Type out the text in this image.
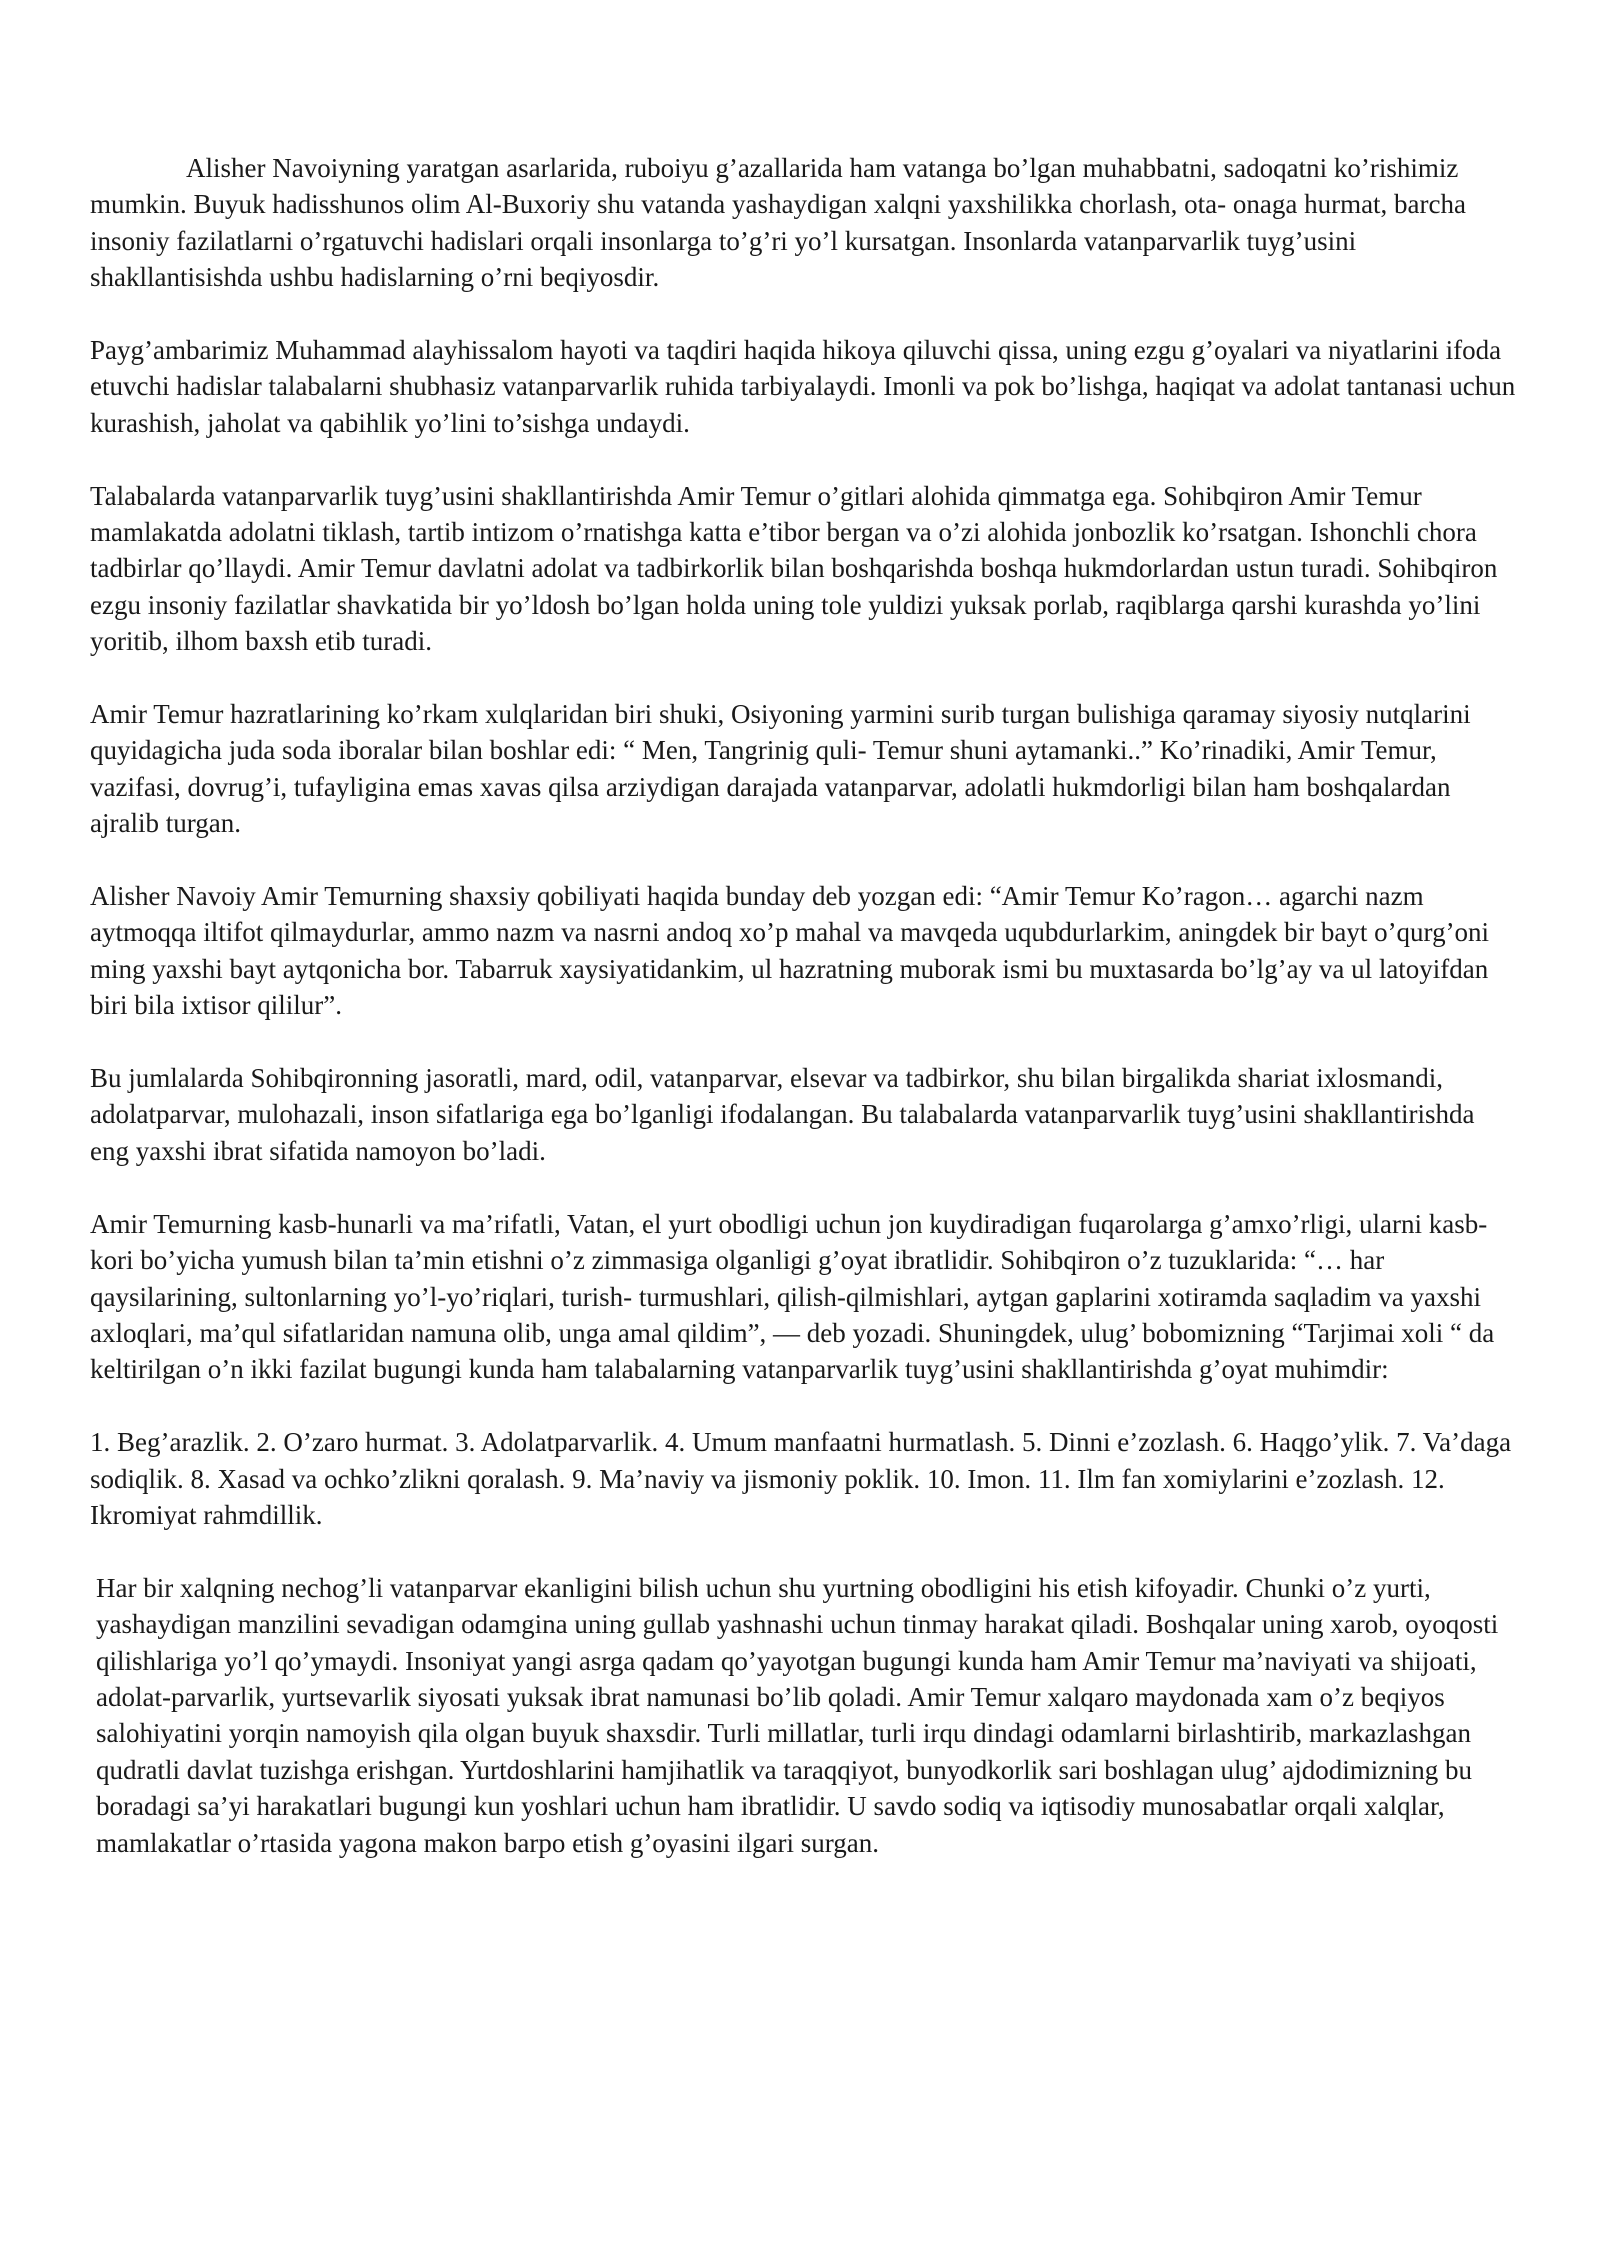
Alisher Navoiyning yaratgan asarlarida, ruboiyu g’azallarida ham vatanga bo’lgan muhabbatni, sadoqatni ko’rishimiz mumkin. Buyuk hadisshunos olim Al-Buxoriy shu vatanda yashaydigan xalqni yaxshilikka chorlash, ota- onaga hurmat, barcha insoniy fazilatlarni o’rgatuvchi hadislari orqali insonlarga to’g’ri yo’l kursatgan. Insonlarda vatanparvarlik tuyg’usini shakllantisishda ushbu hadislarning o’rni beqiyosdir.

Payg’ambarimiz Muhammad alayhissalom hayoti va taqdiri haqida hikoya qiluvchi qissa, uning ezgu g’oyalari va niyatlarini ifoda etuvchi hadislar talabalarni shubhasiz vatanparvarlik ruhida tarbiyalaydi. Imonli va pok bo’lishga, haqiqat va adolat tantanasi uchun kurashish, jaholat va qabihlik yo’lini to’sishga undaydi.

Talabalarda vatanparvarlik tuyg’usini shakllantirishda Amir Temur o’gitlari alohida qimmatga ega. Sohibqiron Amir Temur mamlakatda adolatni tiklash, tartib intizom o’rnatishga katta e’tibor bergan va o’zi alohida jonbozlik ko’rsatgan. Ishonchli chora tadbirlar qo’llaydi. Amir Temur davlatni adolat va tadbirkorlik bilan boshqarishda boshqa hukmdorlardan ustun turadi. Sohibqiron ezgu insoniy fazilatlar shavkatida bir yo’ldosh bo’lgan holda uning tole yuldizi yuksak porlab, raqiblarga qarshi kurashda yo’lini yoritib, ilhom baxsh etib turadi.

Amir Temur hazratlarining ko’rkam xulqlaridan biri shuki, Osiyoning yarmini surib turgan bulishiga qaramay siyosiy nutqlarini quyidagicha juda soda iboralar bilan boshlar edi: “ Men, Tangrinig quli- Temur shuni aytamanki..” Ko’rinadiki, Amir Temur, vazifasi, dovrug’i, tufayligina emas xavas qilsa arziydigan darajada vatanparvar, adolatli hukmdorligi bilan ham boshqalardan ajralib turgan.

Alisher Navoiy Amir Temurning shaxsiy qobiliyati haqida bunday deb yozgan edi: “Amir Temur Ko’ragon… agarchi nazm aytmoqqa iltifot qilmaydurlar, ammo nazm va nasrni andoq xo’p mahal va mavqeda uqubdurlarkim, aningdek bir bayt o’qurg’oni ming yaxshi bayt aytqonicha bor. Tabarruk xaysiyatidankim, ul hazratning muborak ismi bu muxtasarda bo’lg’ay va ul latoyifdan biri bila ixtisor qililur”.

Bu jumlalarda Sohibqironning jasoratli, mard, odil, vatanparvar, elsevar va tadbirkor, shu bilan birgalikda shariat ixlosmandi, adolatparvar, mulohazali, inson sifatlariga ega bo’lganligi ifodalangan. Bu talabalarda vatanparvarlik tuyg’usini shakllantirishda eng yaxshi ibrat sifatida namoyon bo’ladi.

Amir Temurning kasb-hunarli va ma’rifatli, Vatan, el yurt obodligi uchun jon kuydiradigan fuqarolarga g’amxo’rligi, ularni kasb-kori bo’yicha yumush bilan ta’min etishni o’z zimmasiga olganligi g’oyat ibratlidir. Sohibqiron o’z tuzuklarida: “… har qaysilarining, sultonlarning yo’l-yo’riqlari, turish- turmushlari, qilish-qilmishlari, aytgan gaplarini xotiramda saqladim va yaxshi axloqlari, ma’qul sifatlaridan namuna olib, unga amal qildim”, — deb yozadi. Shuningdek, ulug’ bobomizning “Tarjimai xoli “ da keltirilgan o’n ikki fazilat bugungi kunda ham talabalarning vatanparvarlik tuyg’usini shakllantirishda g’oyat muhimdir:

1. Beg’arazlik. 2. O’zaro hurmat. 3. Adolatparvarlik. 4. Umum manfaatni hurmatlash. 5. Dinni e’zozlash. 6. Haqgo’ylik. 7. Va’daga sodiqlik. 8. Xasad va ochko’zlikni qoralash. 9. Ma’naviy va jismoniy poklik. 10. Imon. 11. Ilm fan xomiylarini e’zozlash. 12. Ikromiyat rahmdillik.

Har bir xalqning nechog’li vatanparvar ekanligini bilish uchun shu yurtning obodligini his etish kifoyadir. Chunki o’z yurti, yashaydigan manzilini sevadigan odamgina uning gullab yashnashi uchun tinmay harakat qiladi. Boshqalar uning xarob, oyoqosti qilishlariga yo’l qo’ymaydi. Insoniyat yangi asrga qadam qo’yayotgan bugungi kunda ham Amir Temur ma’naviyati va shijoati, adolat-parvarlik, yurtsevarlik siyosati yuksak ibrat namunasi bo’lib qoladi. Amir Temur xalqaro maydonada xam o’z beqiyos salohiyatini yorqin namoyish qila olgan buyuk shaxsdir. Turli millatlar, turli irqu dindagi odamlarni birlashtirib, markazlashgan qudratli davlat tuzishga erishgan. Yurtdoshlarini hamjihatlik va taraqqiyot, bunyodkorlik sari boshlagan ulug’ ajdodimizning bu boradagi sa’yi harakatlari bugungi kun yoshlari uchun ham ibratlidir. U savdo sodiq va iqtisodiy munosabatlar orqali xalqlar, mamlakatlar o’rtasida yagona makon barpo etish g’oyasini ilgari surgan.
